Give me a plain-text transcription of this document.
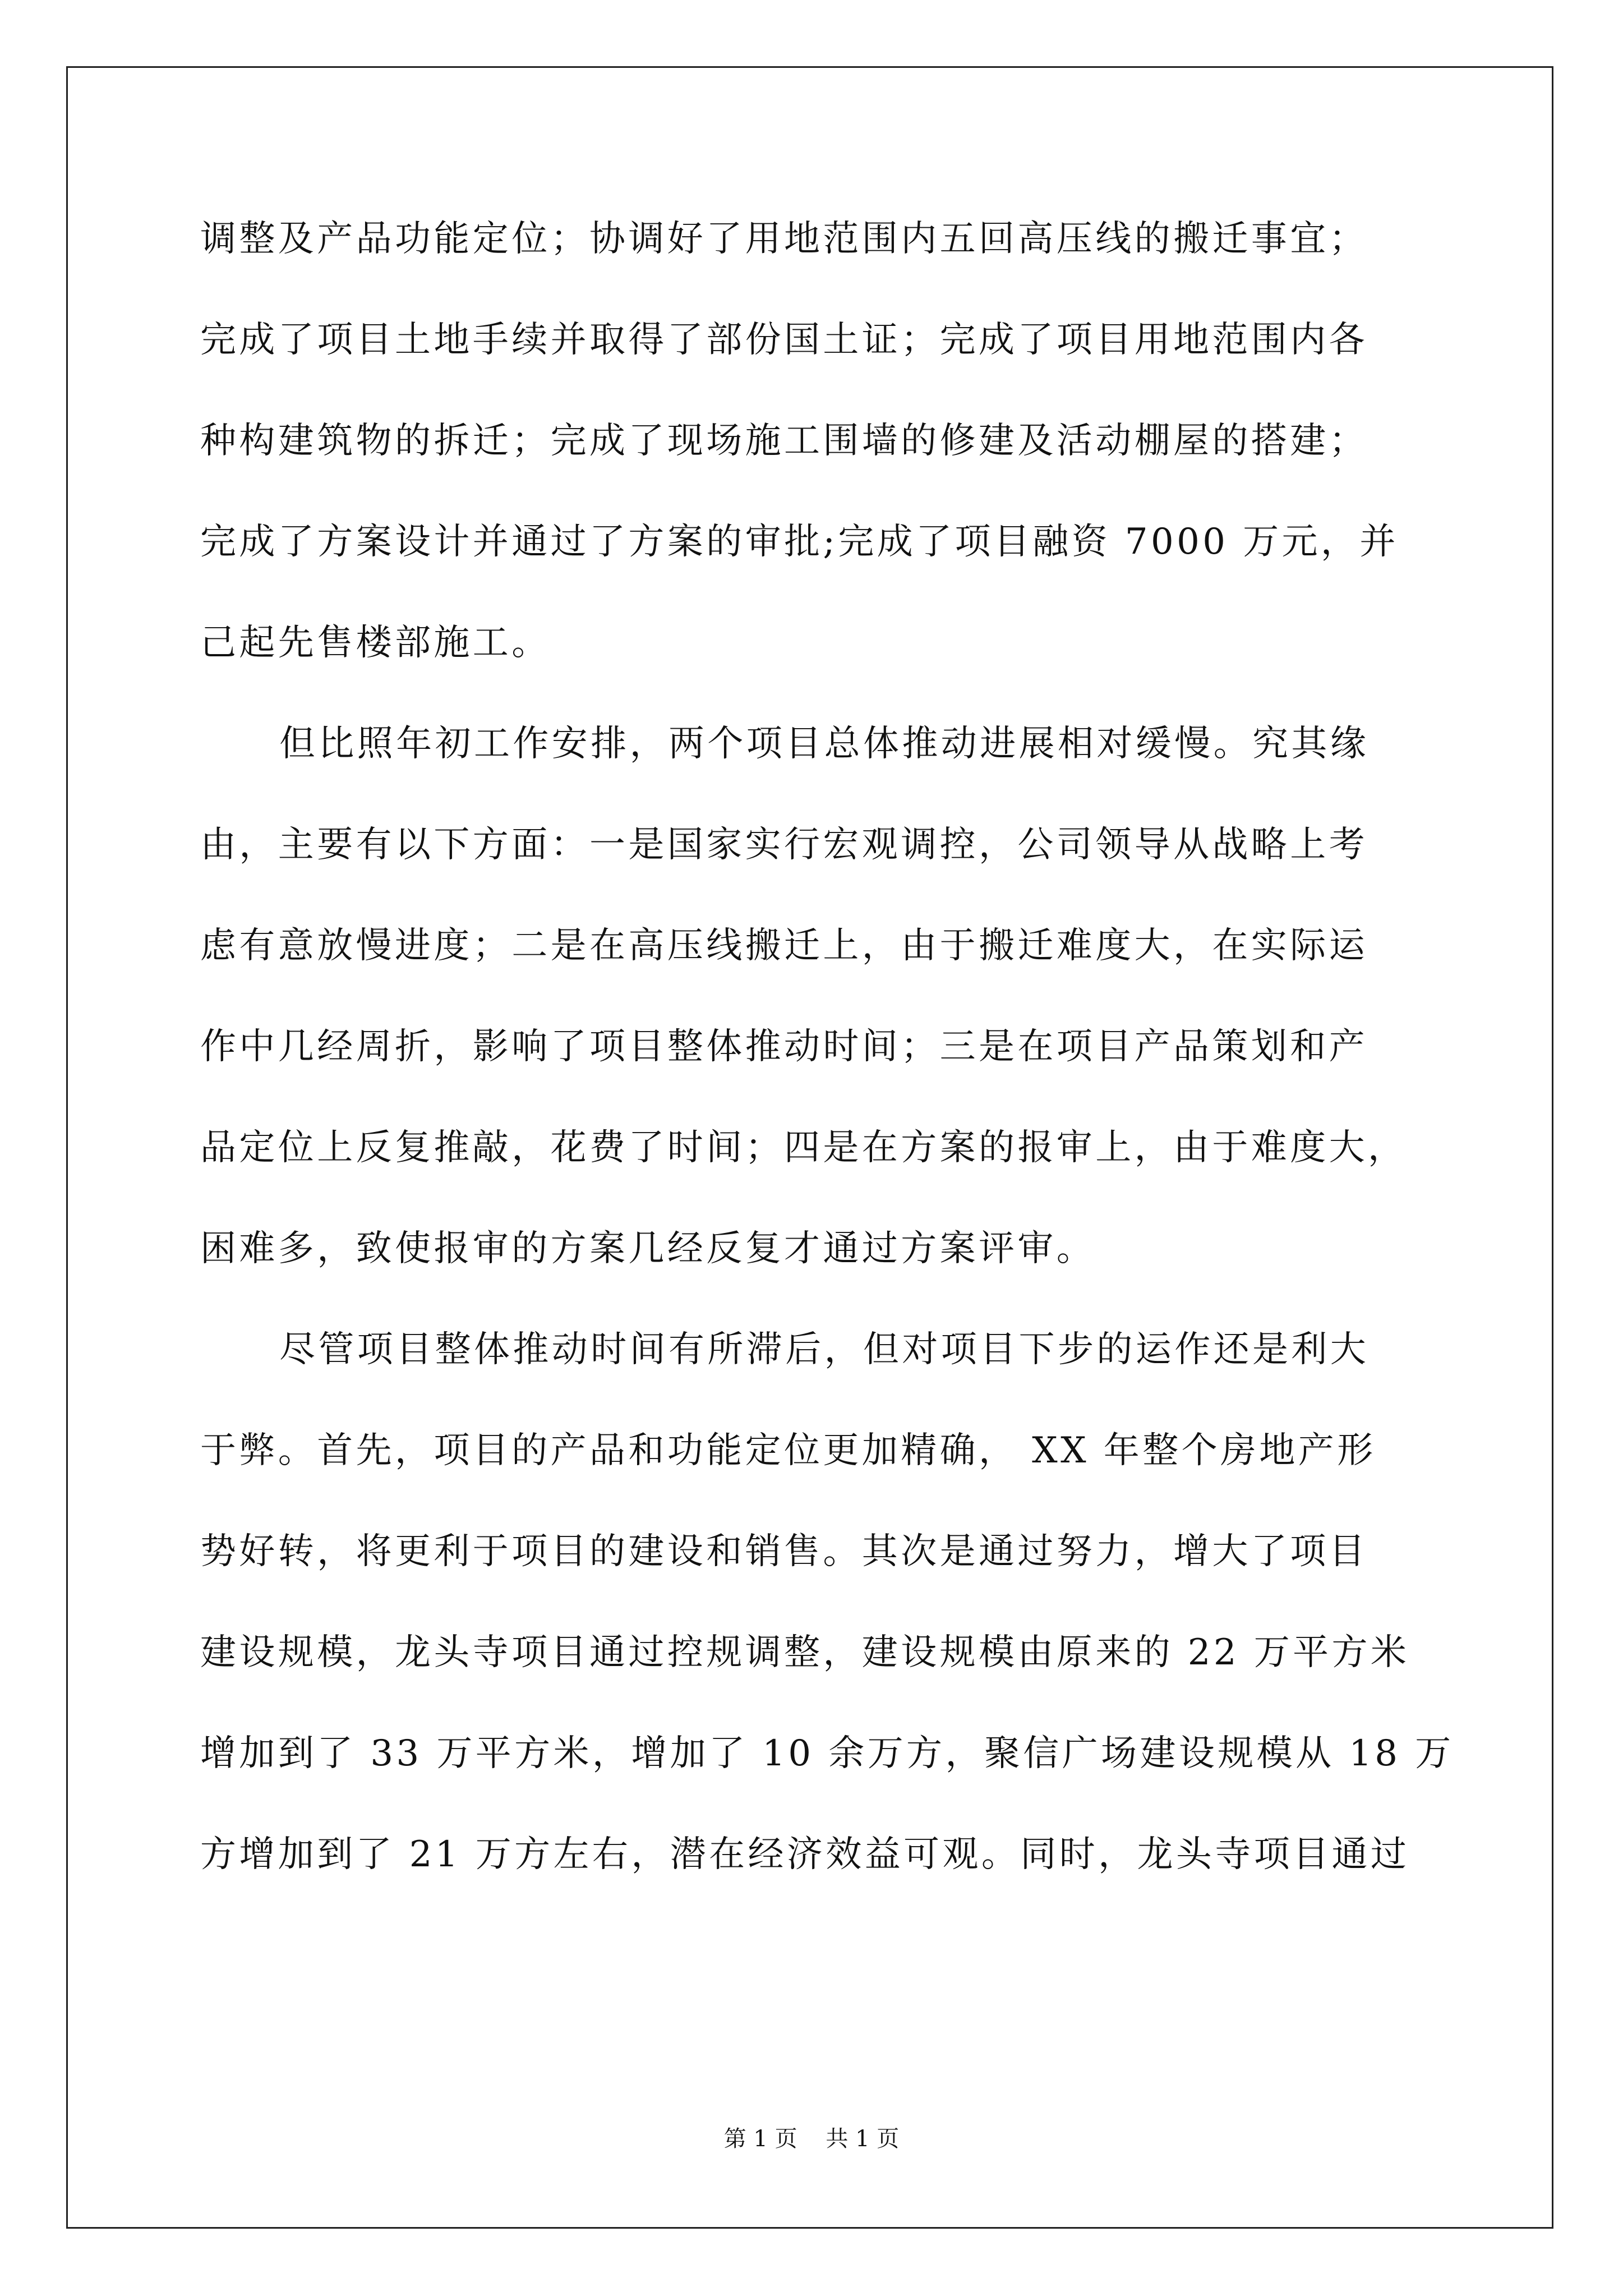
调整及产品功能定位；协调好了用地范围内五回高压线的搬迁事宜；
完成了项目土地手续并取得了部份国土证；完成了项目用地范围内各
种构建筑物的拆迁；完成了现场施工围墙的修建及活动棚屋的搭建；
完成了方案设计并通过了方案的审批;完成了项目融资 7000 万元，并
己起先售楼部施工。
但比照年初工作安排，两个项目总体推动进展相对缓慢。究其缘
由，主要有以下方面：一是国家实行宏观调控，公司领导从战略上考
虑有意放慢进度；二是在高压线搬迁上，由于搬迁难度大，在实际运
作中几经周折，影响了项目整体推动时间；三是在项目产品策划和产
品定位上反复推敲，花费了时间；四是在方案的报审上，由于难度大，
困难多，致使报审的方案几经反复才通过方案评审。
尽管项目整体推动时间有所滞后，但对项目下步的运作还是利大
于弊。首先，项目的产品和功能定位更加精确， XX 年整个房地产形
势好转，将更利于项目的建设和销售。其次是通过努力，增大了项目
建设规模，龙头寺项目通过控规调整，建设规模由原来的 22 万平方米
增加到了 33 万平方米，增加了 10 余万方，聚信广场建设规模从 18 万
方增加到了 21 万方左右，潜在经济效益可观。同时，龙头寺项目通过
第 1 页    共 1 页
